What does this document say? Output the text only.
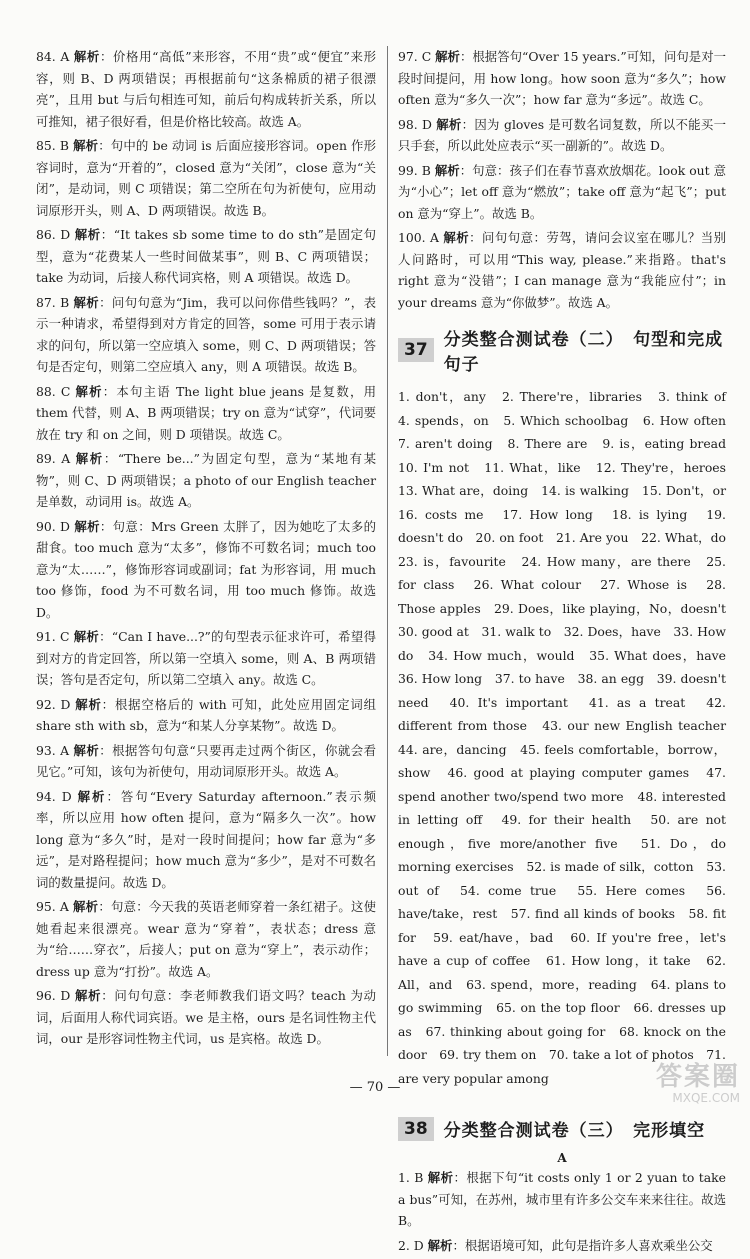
84. A 解析：价格用“高低”来形容，不用“贵”或“便宜”来形容，则 B、D 两项错误；再根据前句“这条棉质的裙子很漂亮”，且用 but 与后句相连可知，前后句构成转折关系，所以可推知，裙子很好看，但是价格比较高。故选 A。

85. B 解析：句中的 be 动词 is 后面应接形容词。open 作形容词时，意为“开着的”，closed 意为“关闭”，close 意为“关闭”，是动词，则 C 项错误；第二空所在句为祈使句，应用动词原形开头，则 A、D 两项错误。故选 B。

86. D 解析：“It takes sb some time to do sth”是固定句型，意为“花费某人一些时间做某事”，则 B、C 两项错误；take 为动词，后接人称代词宾格，则 A 项错误。故选 D。

87. B 解析：问句句意为“Jim，我可以问你借些钱吗？”，表示一种请求，希望得到对方肯定的回答，some 可用于表示请求的问句，所以第一空应填入 some，则 C、D 两项错误；答句是否定句，则第二空应填入 any，则 A 项错误。故选 B。

88. C 解析：本句主语 The light blue jeans 是复数，用 them 代替，则 A、B 两项错误；try on 意为“试穿”，代词要放在 try 和 on 之间，则 D 项错误。故选 C。

89. A 解析：“There be...”为固定句型，意为“某地有某物”，则 C、D 两项错误；a photo of our English teacher 是单数，动词用 is。故选 A。

90. D 解析：句意：Mrs Green 太胖了，因为她吃了太多的甜食。too much 意为“太多”，修饰不可数名词；much too 意为“太……”，修饰形容词或副词；fat 为形容词，用 much too 修饰，food 为不可数名词，用 too much 修饰。故选 D。

91. C 解析：“Can I have...?”的句型表示征求许可，希望得到对方的肯定回答，所以第一空填入 some，则 A、B 两项错误；答句是否定句，所以第二空填入 any。故选 C。

92. D 解析：根据空格后的 with 可知，此处应用固定词组 share sth with sb，意为“和某人分享某物”。故选 D。

93. A 解析：根据答句句意“只要再走过两个街区，你就会看见它。”可知，该句为祈使句，用动词原形开头。故选 A。

94. D 解析：答句“Every Saturday afternoon.”表示频率，所以应用 how often 提问，意为“隔多久一次”。how long 意为“多久”时，是对一段时间提问；how far 意为“多远”，是对路程提问；how much 意为“多少”，是对不可数名词的数量提问。故选 D。

95. A 解析：句意：今天我的英语老师穿着一条红裙子。这使她看起来很漂亮。wear 意为“穿着”，表状态；dress 意为“给……穿衣”，后接人；put on 意为“穿上”，表示动作；dress up 意为“打扮”。故选 A。

96. D 解析：问句句意：李老师教我们语文吗？teach 为动词，后面用人称代词宾语。we 是主格，ours 是名词性物主代词，our 是形容词性物主代词，us 是宾格。故选 D。

97. C 解析：根据答句“Over 15 years.”可知，问句是对一段时间提问，用 how long。how soon 意为“多久”；how often 意为“多久一次”；how far 意为“多远”。故选 C。

98. D 解析：因为 gloves 是可数名词复数，所以不能买一只手套，所以此处应表示“买一副新的”。故选 D。

99. B 解析：句意：孩子们在春节喜欢放烟花。look out 意为“小心”；let off 意为“燃放”；take off 意为“起飞”；put on 意为“穿上”。故选 B。

100. A 解析：问句句意：劳驾，请问会议室在哪儿？当别人问路时，可以用“This way, please.”来指路。that's right 意为“没错”；I can manage 意为“我能应付”；in your dreams 意为“你做梦”。故选 A。

37 分类整合测试卷（二）　句型和完成句子

1. don't，any　2. There're，libraries　3. think of　4. spends，on　5. Which schoolbag　6. How often　7. aren't doing　8. There are　9. is，eating bread　10. I'm not　11. What，like　12. They're，heroes　13. What are，doing　14. is walking　15. Don't，or　16. costs me　17. How long　18. is lying　19. doesn't do　20. on foot　21. Are you　22. What，do　23. is，favourite　24. How many，are there　25. for class　26. What colour　27. Whose is　28. Those apples　29. Does，like playing，No，doesn't　30. good at　31. walk to　32. Does，have　33. How do　34. How much，would　35. What does，have　36. How long　37. to have　38. an egg　39. doesn't need　40. It's important　41. as a treat　42. different from those　43. our new English teacher　44. are，dancing　45. feels comfortable，borrow，show　46. good at playing computer games　47. spend another two/spend two more　48. interested in letting off　49. for their health　50. are not enough，five more/another five　51. Do，do morning exercises　52. is made of silk，cotton　53. out of　54. come true　55. Here comes　56. have/take，rest　57. find all kinds of books　58. fit for　59. eat/have，bad　60. If you're free，let's have a cup of coffee　61. How long，it take　62. All，and　63. spend，more，reading　64. plans to go swimming　65. on the top floor　66. dresses up as　67. thinking about going for　68. knock on the door　69. try them on　70. take a lot of photos　71. are very popular among

38 分类整合测试卷（三）　完形填空
A

1. B 解析：根据下句“it costs only 1 or 2 yuan to take a bus”可知，在苏州，城市里有许多公交车来来往往。故选 B。

2. D 解析：根据语境可知，此句是指许多人喜欢乘坐公交

— 70 —	答案圈
MXQE.COM
